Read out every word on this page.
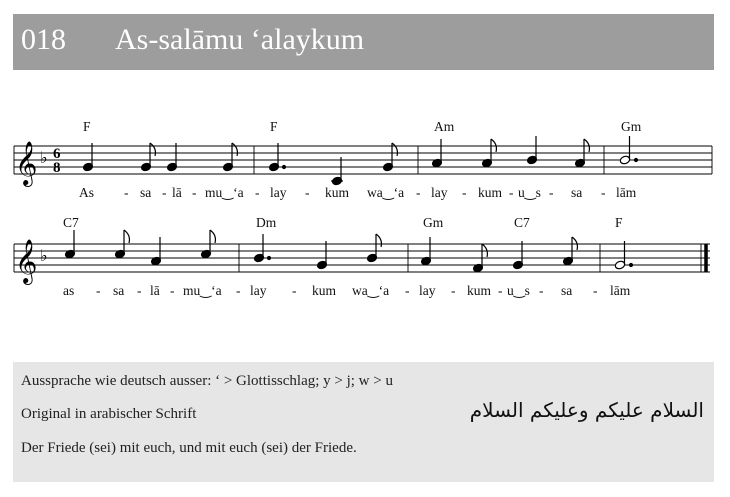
018 As-salāmu ‘alaykum
𝄞 ♭ 6
8
F	F	Am	Gm
As - sa - lā - mu‿‘a - lay - kum wa‿‘a - lay - kum - u‿s - sa - lām
𝄞 ♭
C7	Dm	Gm	C7	F
as - sa - lā - mu‿‘a - lay - kum wa‿‘a - lay - kum - u‿s - sa - lām
Aussprache wie deutsch ausser: ‘ > Glottisschlag; y > j; w > u
Original in arabischer Schrift	السلام عليكم وعليكم السلام
Der Friede (sei) mit euch, und mit euch (sei) der Friede.
